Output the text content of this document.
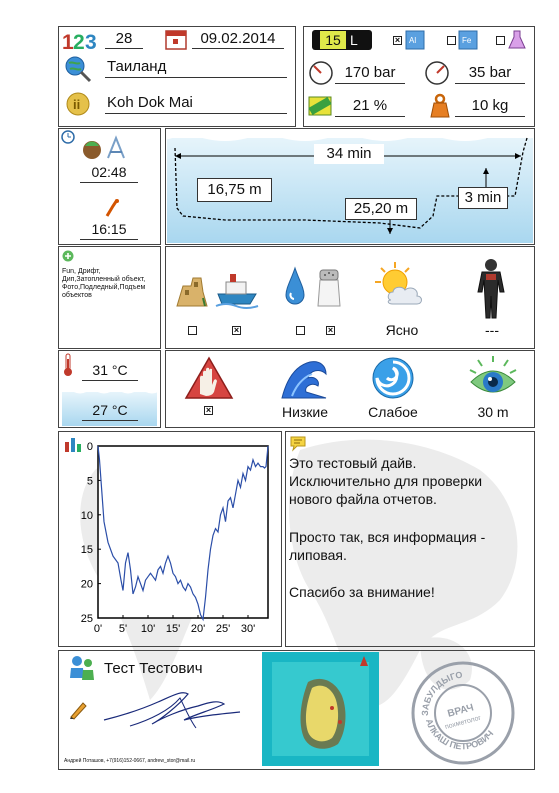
1 2 3	28	09.02.2014
Таиланд
ii Koh Dok Mai
15 L	× Al	Fe
170 bar	35 bar
21 %	10 kg
02:48
16:15
34 min
16,75 m
25,20 m
3 min
Fun, Дрифт, Дип,Затопленный объект, Фото,Подледный,Подъем объектов
×	×	Ясно	---
31 °C
27 °C	×	Низкие	Слабое	30 m
0
5
10
15
20
25
0' 5' 10' 15' 20' 25' 30'
Это тестовый дайв.
Исключительно для проверки
нового файла отчетов.
Просто так, вся информация -
липовая.
Спасибо за внимание!
Тест Тестович
Андрей Поташов, +7(916)152-0667, andrew_stor@mail.ru
ЗАБУЛДЫГО
АЛКАШ ПЕТРОВИЧ
ВРАЧ
похметолог
